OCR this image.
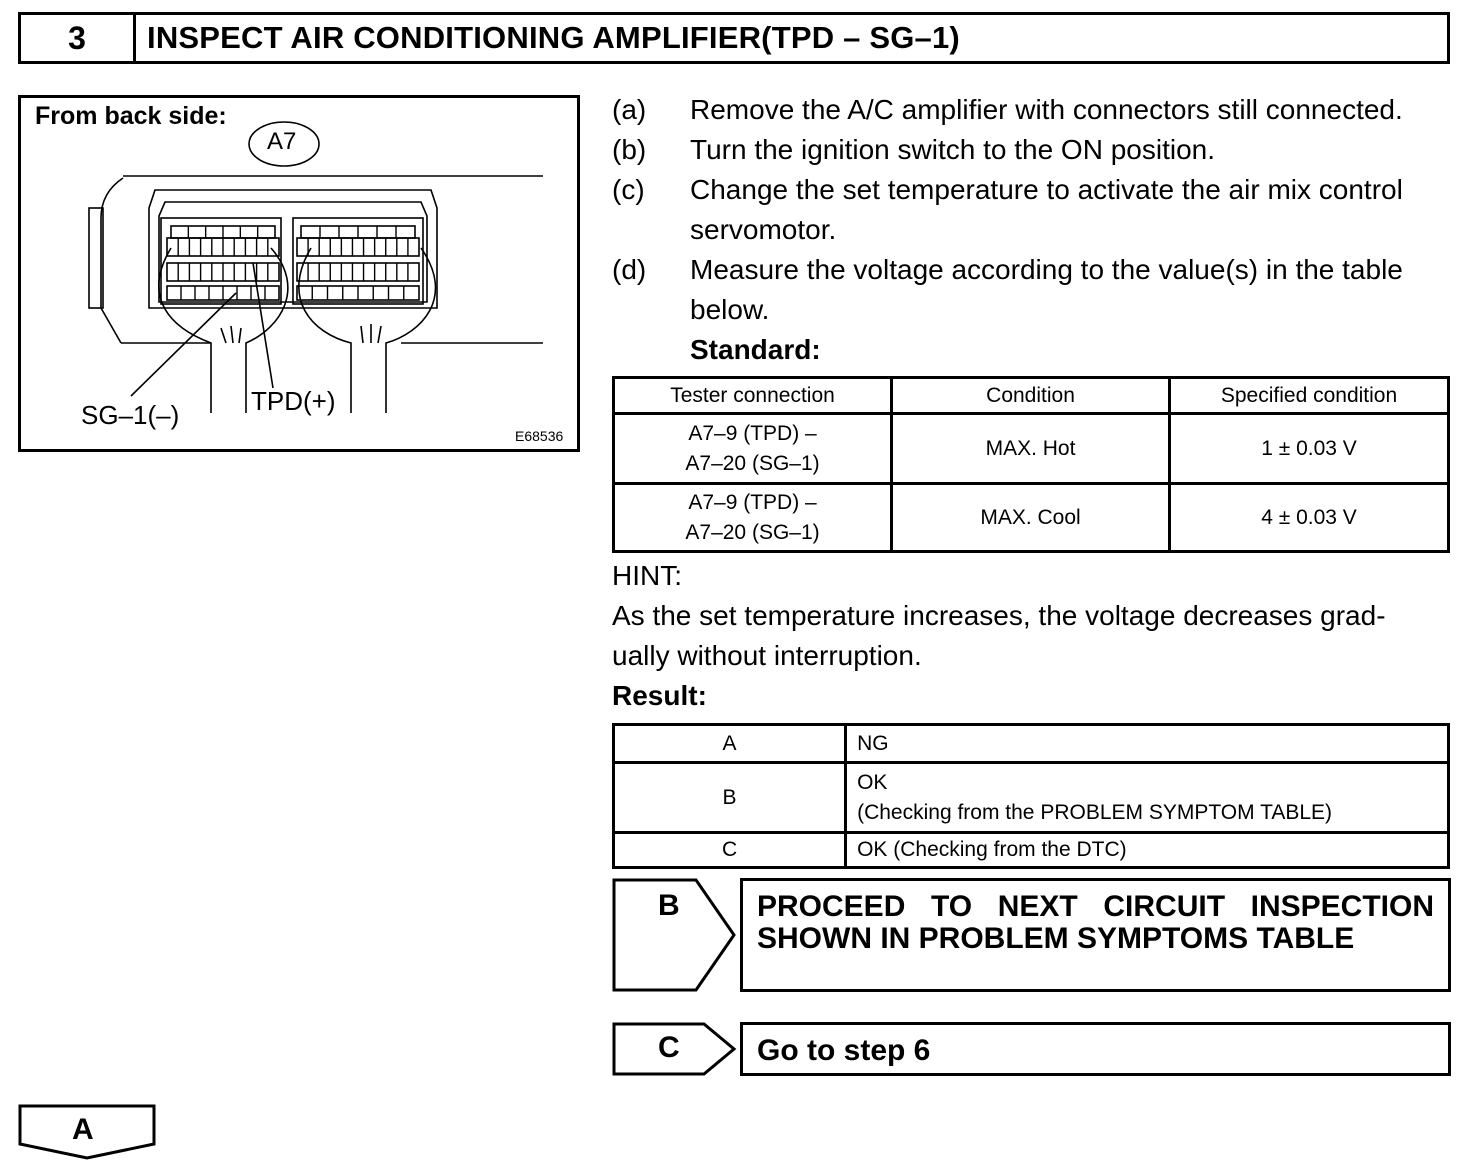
3	INSPECT AIR CONDITIONING AMPLIFIER(TPD – SG–1)
From back side:
A7
SG–1(–)	TPD(+)
E68536
(a) Remove the A/C amplifier with connectors still connected.
(b) Turn the ignition switch to the ON position.
(c) Change the set temperature to activate the air mix control
servomotor.
(d) Measure the voltage according to the value(s) in the table
below.
Standard:
Tester connection	Condition	Specified condition

A7–9 (TPD) –
A7–20 (SG–1)	MAX. Hot	1 ± 0.03 V

A7–9 (TPD) –
A7–20 (SG–1)	MAX. Cool	4 ± 0.03 V
HINT:
As the set temperature increases, the voltage decreases grad-
ually without interruption.
Result:
A	NG
B	OK
(Checking from the PROBLEM SYMPTOM TABLE)

C	OK (Checking from the DTC)
B	PROCEED TO NEXT CIRCUIT INSPECTION
SHOWN IN PROBLEM SYMPTOMS TABLE
C	Go to step 6
A
